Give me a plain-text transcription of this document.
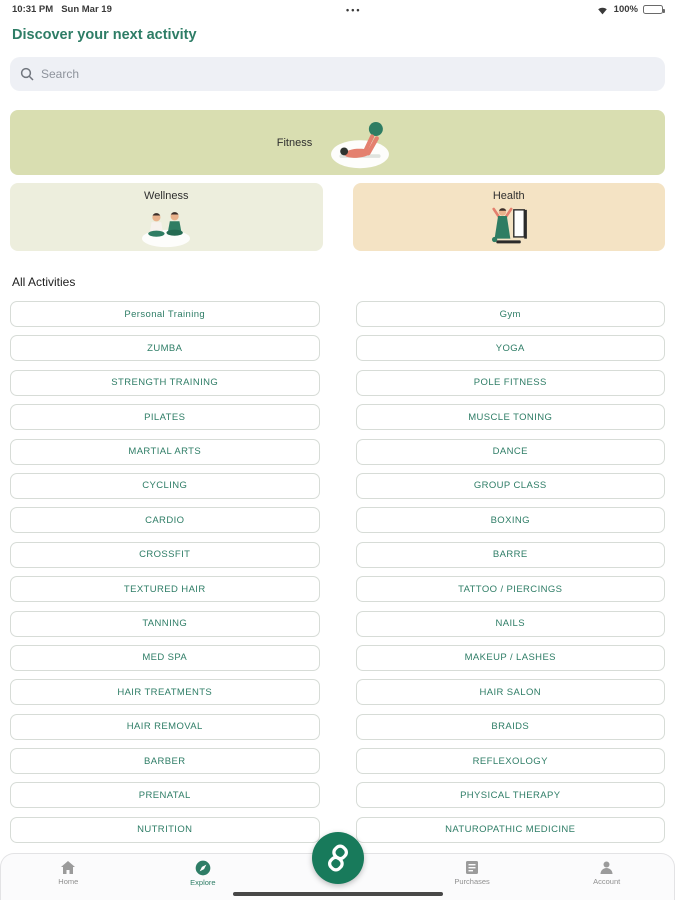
10:31 PM Sun Mar 19	•••	100%
Discover your next activity
Search
Fitness
Wellness	Health
All Activities
Personal Training
ZUMBA
STRENGTH TRAINING
PILATES
MARTIAL ARTS
CYCLING
CARDIO
CROSSFIT
TEXTURED HAIR
TANNING
MED SPA
HAIR TREATMENTS
HAIR REMOVAL
BARBER
PRENATAL
NUTRITION
Gym
YOGA
POLE FITNESS
MUSCLE TONING
DANCE
GROUP CLASS
BOXING
BARRE
TATTOO / PIERCINGS
NAILS
MAKEUP / LASHES
HAIR SALON
BRAIDS
REFLEXOLOGY
PHYSICAL THERAPY
NATUROPATHIC MEDICINE
Home	Explore	Purchases	Account
